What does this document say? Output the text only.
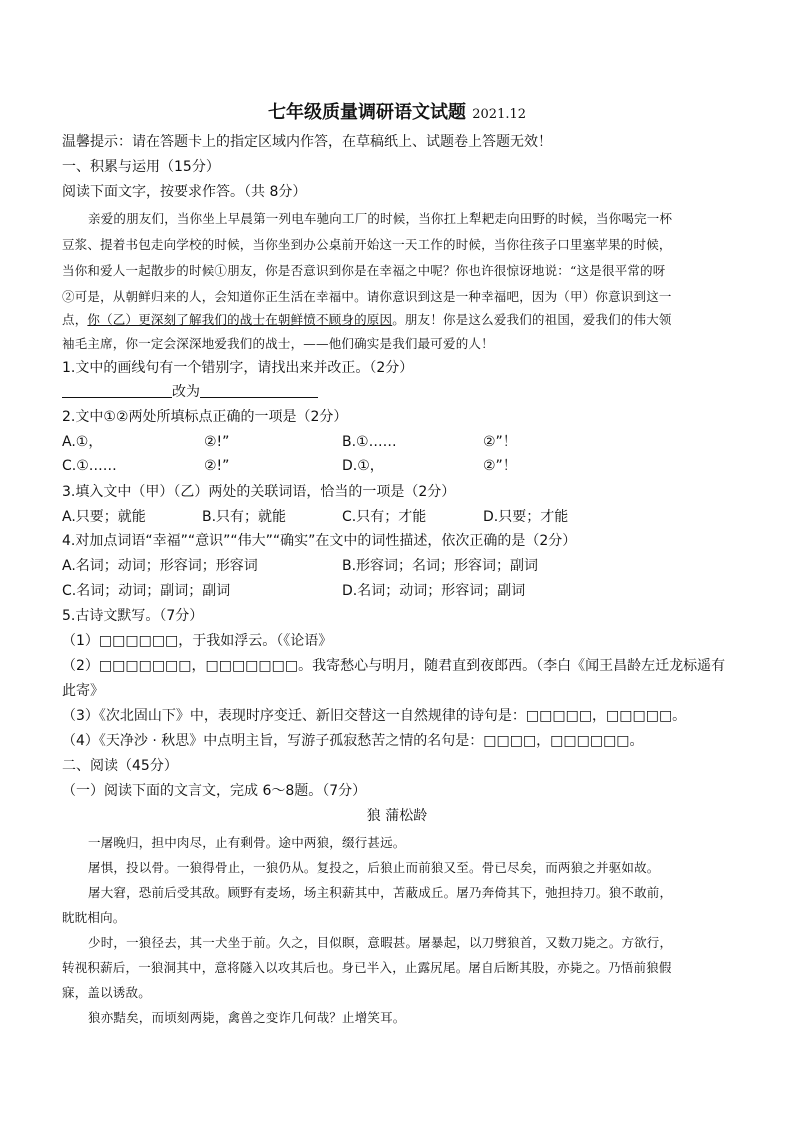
七年级质量调研语文试题 2021.12
温馨提示：请在答题卡上的指定区域内作答，在草稿纸上、试题卷上答题无效！
一、积累与运用（15分）
阅读下面文字，按要求作答。（共 8分）
亲爱的朋友们，当你坐上早晨第一列电车驰向工厂的时候，当你扛上犁耙走向田野的时候，当你喝完一杯
豆浆、提着书包走向学校的时候，当你坐到办公桌前开始这一天工作的时候，当你往孩子口里塞苹果的时候，
当你和爱人一起散步的时候①朋友，你是否意识到你是在幸福之中呢？你也许很惊讶地说：“这是很平常的呀
②可是，从朝鲜归来的人，会知道你正生活在幸福中。请你意识到这是一种幸福吧，因为（甲）你意识到这一
点，你（乙）更深刻了解我们的战士在朝鲜愤不顾身的原因。朋友！你是这么爱我们的祖国，爱我们的伟大领
袖毛主席，你一定会深深地爱我们的战士，——他们确实是我们最可爱的人！
1.文中的画线句有一个错别字，请找出来并改正。（2分）
改为
2.文中①②两处所填标点正确的一项是（2分）
A.①，	②!”	B.①……	②”！
C.①……	②!”	D.①，	②”！
3.填入文中（甲）（乙）两处的关联词语，恰当的一项是（2分）
A.只要；就能	B.只有；就能	C.只有；才能	D.只要；才能
4.对加点词语“幸福”“意识”“伟大”“确实”在文中的词性描述，依次正确的是（2分）
A.名词；动词；形容词；形容词	B.形容词；名词；形容词；副词
C.名词；动词；副词；副词	D.名词；动词；形容词；副词
5.古诗文默写。（7分）
（1）□□□□□□，于我如浮云。（《论语》
（2）□□□□□□□，□□□□□□□。我寄愁心与明月，随君直到夜郎西。（李白《闻王昌龄左迁龙标遥有
此寄》
（3）《次北固山下》中，表现时序变迁、新旧交替这一自然规律的诗句是：□□□□□，□□□□□。
（4）《天净沙 · 秋思》中点明主旨，写游子孤寂愁苦之情的名句是：□□□□，□□□□□□。
二、阅读（45分）
（一）阅读下面的文言文，完成 6～8题。（7分）
狼 蒲松龄
一屠晚归，担中肉尽，止有剩骨。途中两狼，缀行甚远。
屠惧，投以骨。一狼得骨止，一狼仍从。复投之，后狼止而前狼又至。骨已尽矣，而两狼之并驱如故。
屠大窘，恐前后受其敌。顾野有麦场，场主积薪其中，苫蔽成丘。屠乃奔倚其下，弛担持刀。狼不敢前，
眈眈相向。
少时，一狼径去，其一犬坐于前。久之，目似瞑，意暇甚。屠暴起，以刀劈狼首，又数刀毙之。方欲行，
转视积薪后，一狼洞其中，意将隧入以攻其后也。身已半入，止露尻尾。屠自后断其股，亦毙之。乃悟前狼假
寐，盖以诱敌。
狼亦黠矣，而顷刻两毙，禽兽之变诈几何哉？止增笑耳。
